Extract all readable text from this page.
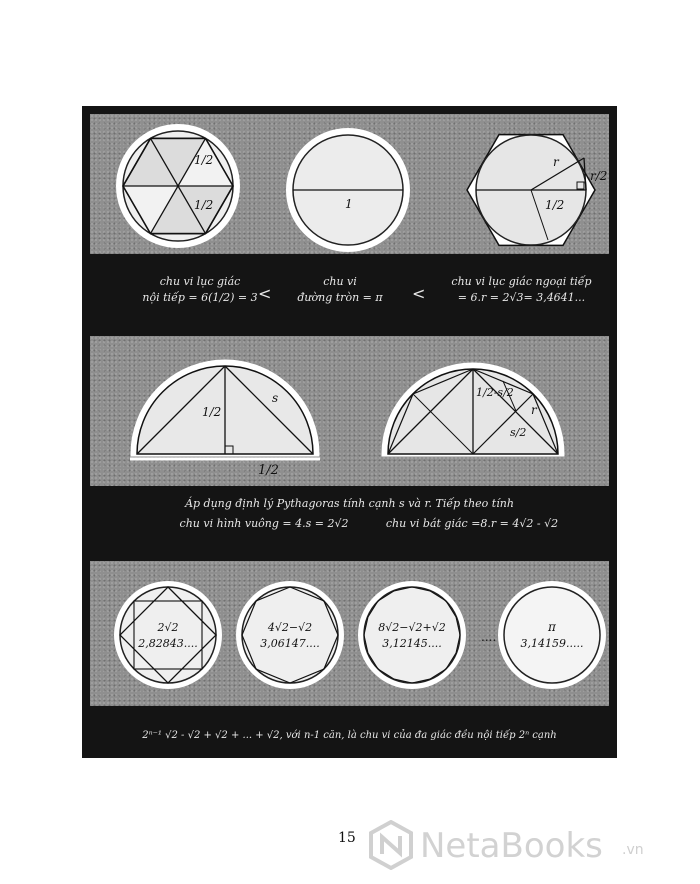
1/2
1/2	1
r
r/2
1/2
chu vi lục giác
nội tiếp = 6(1/2) = 3 <
chu vi
đường tròn = π	<
chu vi lục giác ngoại tiếp
= 6.r = 2√3= 3,4641...
1/2
s
1/2
1/2-s/2
r
s/2
Áp dụng định lý Pythagoras tính cạnh s và r. Tiếp theo tính
chu vi hình vuông = 4.s = 2√2	chu vi bát giác =8.r = 4√2 - √2
2√2
2,82843....
4√2−√2
3,06147....
8√2−√2+√2
3,12145....	....
π
3,14159.....
2ⁿ⁻¹ √2 - √2 + √2 + ... + √2, với n-1 căn, là chu vi của đa giác đều nội tiếp 2ⁿ cạnh
15 NetaBooks .vn
